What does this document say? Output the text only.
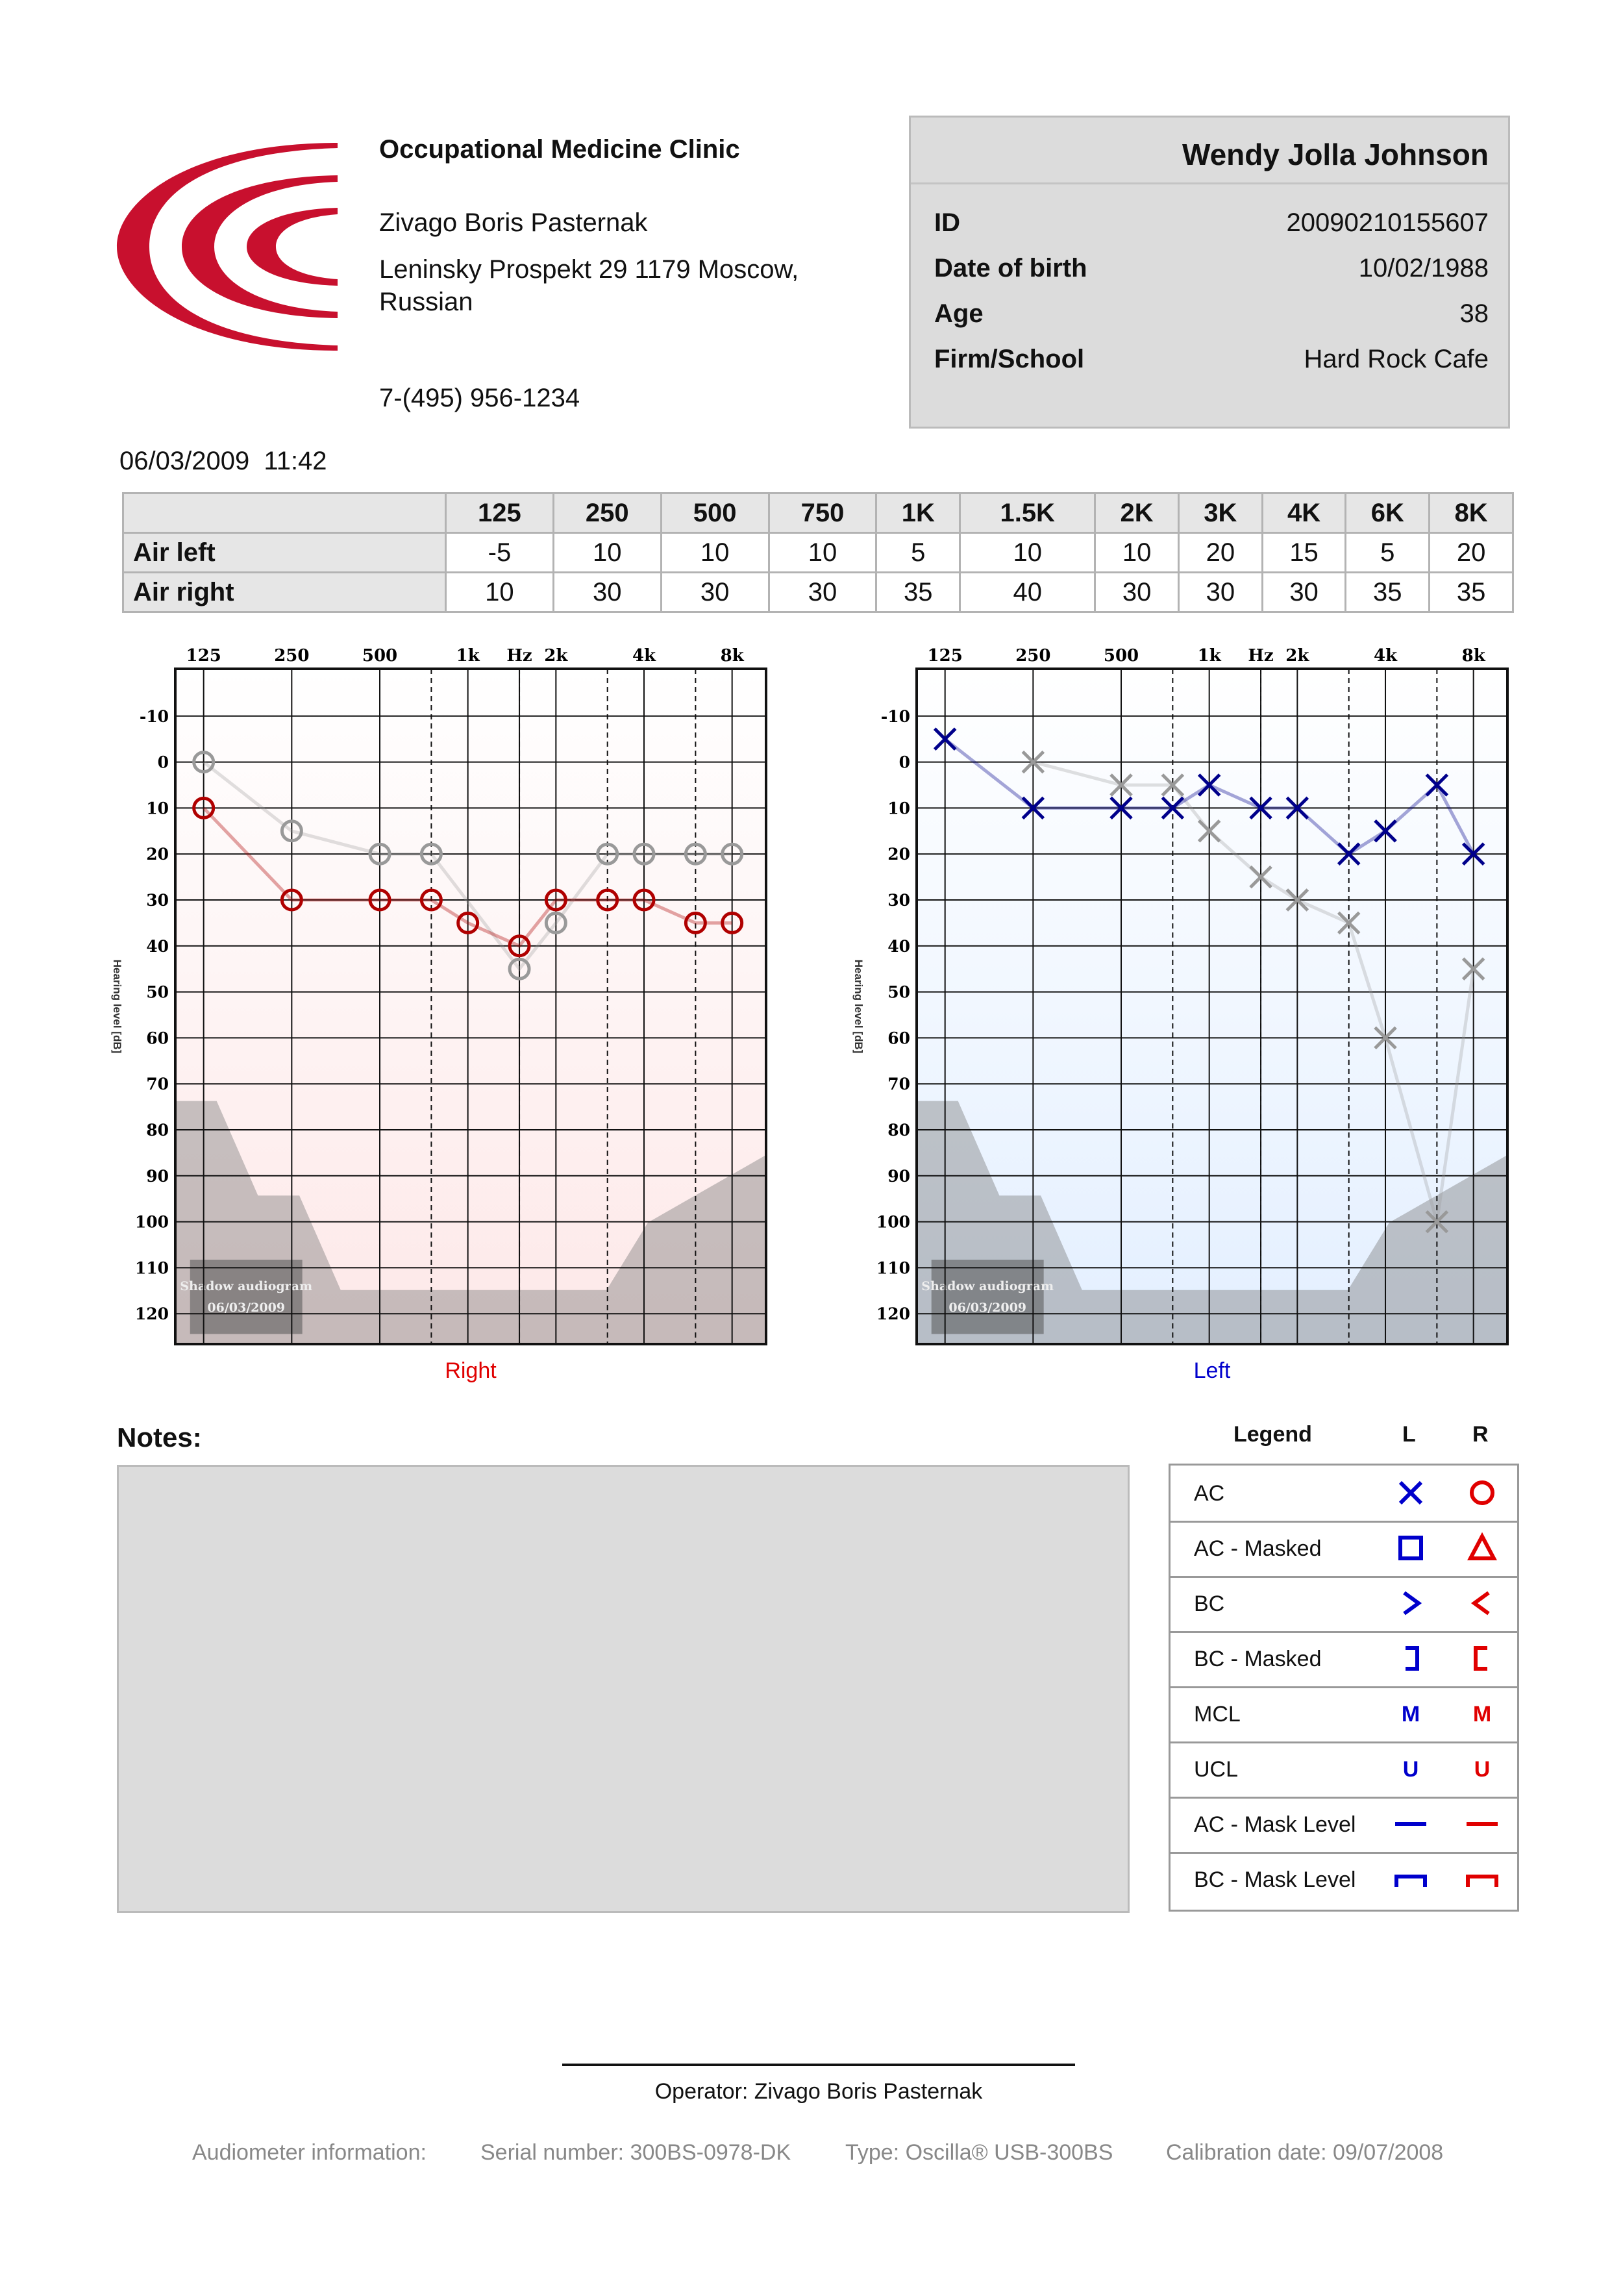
Occupational Medicine Clinic
Zivago Boris Pasternak
Leninsky Prospekt 29 1179 Moscow,
Russian
7-(495) 956-1234
Wendy Jolla Johnson
ID	20090210155607
Date of birth	10/02/1988
Age	38
Firm/School	Hard Rock Cafe
06/03/2009  11:42
	125	250	500	750	1K	1.5K	2K	3K	4K	6K	8K
Air left	-5	10	10	10	5	10	10	20	15	5	20
Air right	10	30	30	30	35	40	30	30	30	35	35
Shadow audiogram
06/03/2009
-10
0
10
20
30
40
50
60
70
80
90
100
110
120
125	250	500	1k Hz 2k	4k	8k
Hearing level [dB]
Right
Shadow audiogram
06/03/2009
-10
0
10
20
30
40
50
60
70
80
90
100
110
120
125	250	500	1k Hz 2k	4k	8k
Hearing level [dB]
Left
Notes:	Legend	L	R
AC
AC - Masked
BC
BC - Masked
MCL	M M
UCL	U	U
AC - Mask Level
BC - Mask Level
Operator: Zivago Boris Pasternak
Audiometer information: Serial number: 300BS-0978-DK Type: Oscilla® USB-300BS Calibration date: 09/07/2008
